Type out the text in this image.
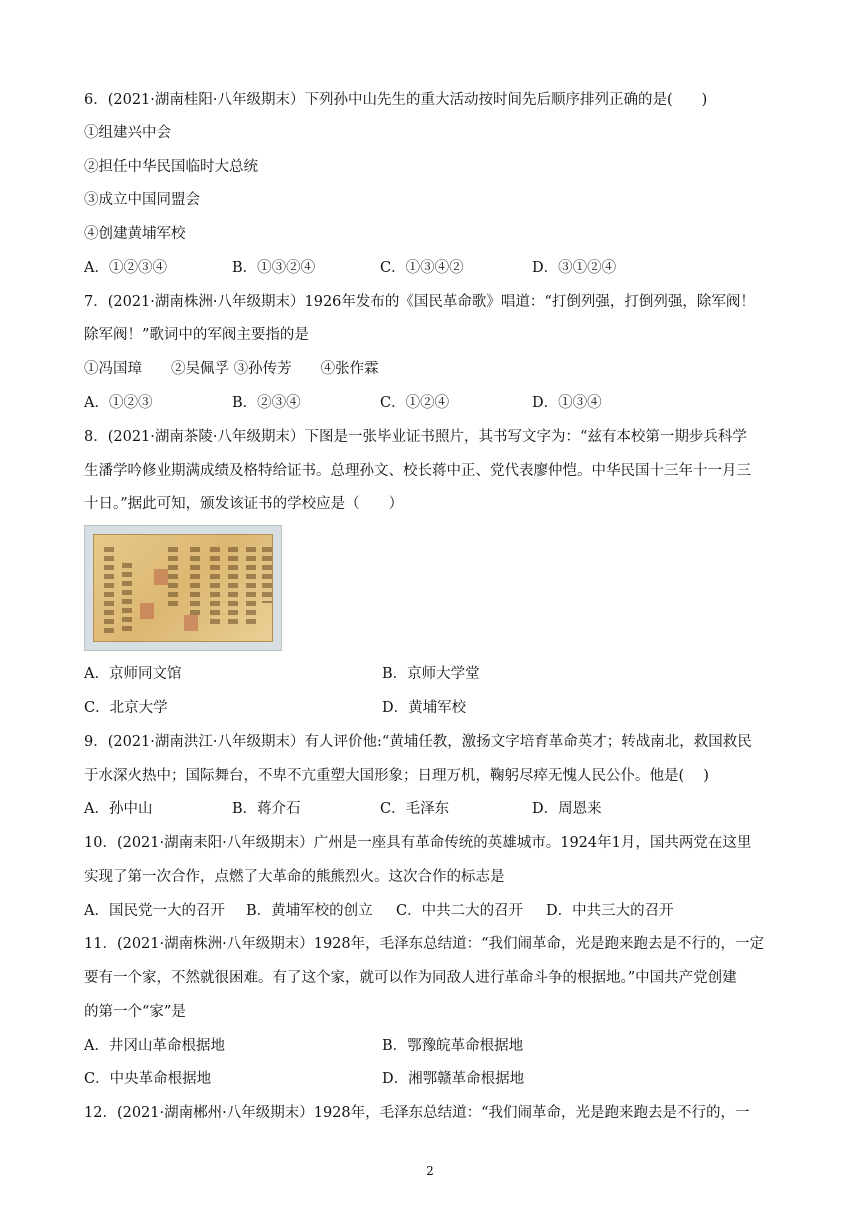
6．(2021·湖南桂阳·八年级期末）下列孙中山先生的重大活动按时间先后顺序排列正确的是(　　)
①组建兴中会
②担任中华民国临时大总统
③成立中国同盟会
④创建黄埔军校
A．①②③④	B．①③②④	C．①③④②	D．③①②④
7．(2021·湖南株洲·八年级期末）1926年发布的《国民革命歌》唱道：“打倒列强，打倒列强，除军阀！
除军阀！”歌词中的军阀主要指的是
①冯国璋　　②吴佩孚 ③孙传芳　　④张作霖
A．①②③	B．②③④	C．①②④	D．①③④
8．(2021·湖南茶陵·八年级期末）下图是一张毕业证书照片，其书写文字为：“兹有本校第一期步兵科学
生潘学吟修业期满成绩及格特给证书。总理孙文、校长蒋中正、党代表廖仲恺。中华民国十三年十一月三
十日。”据此可知，颁发该证书的学校应是（　　）
A．京师同文馆	B．京师大学堂
C．北京大学	D．黄埔军校
9．(2021·湖南洪江·八年级期末）有人评价他:“黄埔任教，激扬文字培育革命英才；转战南北，救国救民
于水深火热中；国际舞台，不卑不亢重塑大国形象；日理万机，鞠躬尽瘁无愧人民公仆。他是(　 )
A．孙中山	B．蒋介石	C．毛泽东	D．周恩来
10．(2021·湖南耒阳·八年级期末）广州是一座具有革命传统的英雄城市。1924年1月，国共两党在这里
实现了第一次合作，点燃了大革命的熊熊烈火。这次合作的标志是
A．国民党一大的召开 B．黄埔军校的创立 C．中共二大的召开 D．中共三大的召开
11．(2021·湖南株洲·八年级期末）1928年，毛泽东总结道：“我们闹革命，光是跑来跑去是不行的，一定
要有一个家，不然就很困难。有了这个家，就可以作为同敌人进行革命斗争的根据地。”中国共产党创建
的第一个“家”是
A．井冈山革命根据地	B．鄂豫皖革命根据地
C．中央革命根据地	D．湘鄂赣革命根据地
12．(2021·湖南郴州·八年级期末）1928年，毛泽东总结道：“我们闹革命，光是跑来跑去是不行的，一
2
